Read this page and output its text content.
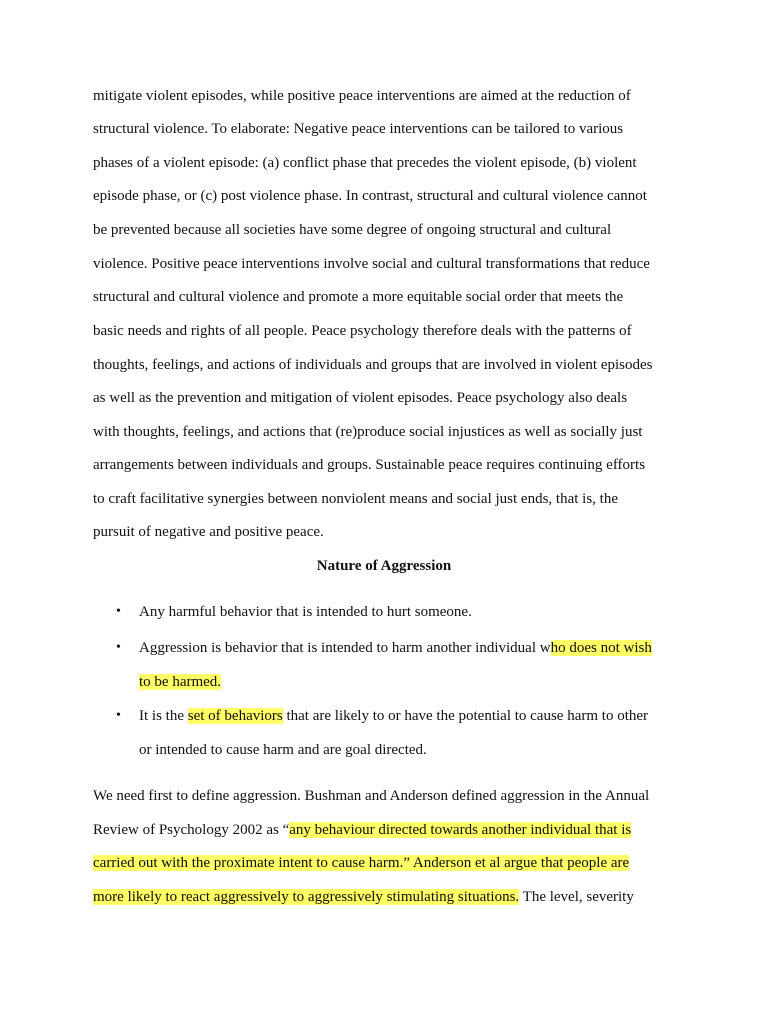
mitigate violent episodes, while positive peace interventions are aimed at the reduction of
structural violence. To elaborate: Negative peace interventions can be tailored to various
phases of a violent episode: (a) conflict phase that precedes the violent episode, (b) violent
episode phase, or (c) post violence phase. In contrast, structural and cultural violence cannot
be prevented because all societies have some degree of ongoing structural and cultural
violence. Positive peace interventions involve social and cultural transformations that reduce
structural and cultural violence and promote a more equitable social order that meets the
basic needs and rights of all people. Peace psychology therefore deals with the patterns of
thoughts, feelings, and actions of individuals and groups that are involved in violent episodes
as well as the prevention and mitigation of violent episodes. Peace psychology also deals
with thoughts, feelings, and actions that (re)produce social injustices as well as socially just
arrangements between individuals and groups. Sustainable peace requires continuing efforts
to craft facilitative synergies between nonviolent means and social just ends, that is, the
pursuit of negative and positive peace.
Nature of Aggression
• Any harmful behavior that is intended to hurt someone.
• Aggression is behavior that is intended to harm another individual who does not wish
to be harmed.
• It is the set of behaviors that are likely to or have the potential to cause harm to other
or intended to cause harm and are goal directed.
We need first to define aggression. Bushman and Anderson defined aggression in the Annual
Review of Psychology 2002 as “any behaviour directed towards another individual that is
carried out with the proximate intent to cause harm.” Anderson et al argue that people are
more likely to react aggressively to aggressively stimulating situations. The level, severity
